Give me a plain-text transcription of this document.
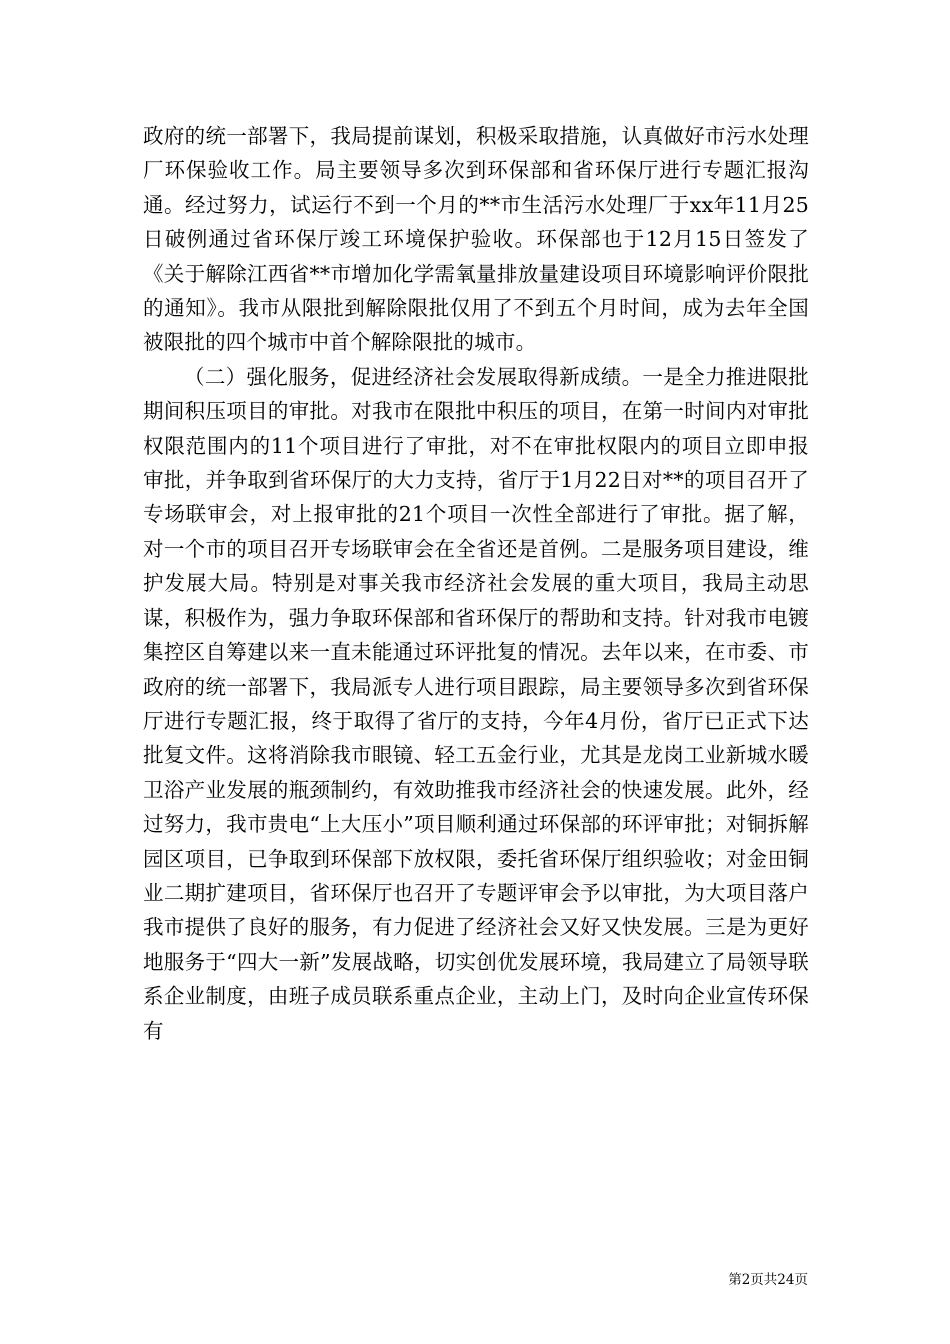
政府的统一部署下，我局提前谋划，积极采取措施，认真做好市污水处理厂环保验收工作。局主要领导多次到环保部和省环保厅进行专题汇报沟通。经过努力，试运行不到一个月的**市生活污水处理厂于xx年11月25日破例通过省环保厅竣工环境保护验收。环保部也于12月15日签发了《关于解除江西省**市增加化学需氧量排放量建设项目环境影响评价限批的通知》。我市从限批到解除限批仅用了不到五个月时间，成为去年全国被限批的四个城市中首个解除限批的城市。

（二）强化服务，促进经济社会发展取得新成绩。一是全力推进限批期间积压项目的审批。对我市在限批中积压的项目，在第一时间内对审批权限范围内的11个项目进行了审批，对不在审批权限内的项目立即申报审批，并争取到省环保厅的大力支持，省厅于1月22日对**的项目召开了专场联审会，对上报审批的21个项目一次性全部进行了审批。据了解，对一个市的项目召开专场联审会在全省还是首例。二是服务项目建设，维护发展大局。特别是对事关我市经济社会发展的重大项目，我局主动思谋，积极作为，强力争取环保部和省环保厅的帮助和支持。针对我市电镀集控区自筹建以来一直未能通过环评批复的情况。去年以来，在市委、市政府的统一部署下，我局派专人进行项目跟踪，局主要领导多次到省环保厅进行专题汇报，终于取得了省厅的支持，今年4月份，省厅已正式下达批复文件。这将消除我市眼镜、轻工五金行业，尤其是龙岗工业新城水暖卫浴产业发展的瓶颈制约，有效助推我市经济社会的快速发展。此外，经过努力，我市贵电“上大压小”项目顺利通过环保部的环评审批；对铜拆解园区项目，已争取到环保部下放权限，委托省环保厅组织验收；对金田铜业二期扩建项目，省环保厅也召开了专题评审会予以审批，为大项目落户我市提供了良好的服务，有力促进了经济社会又好又快发展。三是为更好地服务于“四大一新”发展战略，切实创优发展环境，我局建立了局领导联系企业制度，由班子成员联系重点企业，主动上门，及时向企业宣传环保有

第2页共24页
